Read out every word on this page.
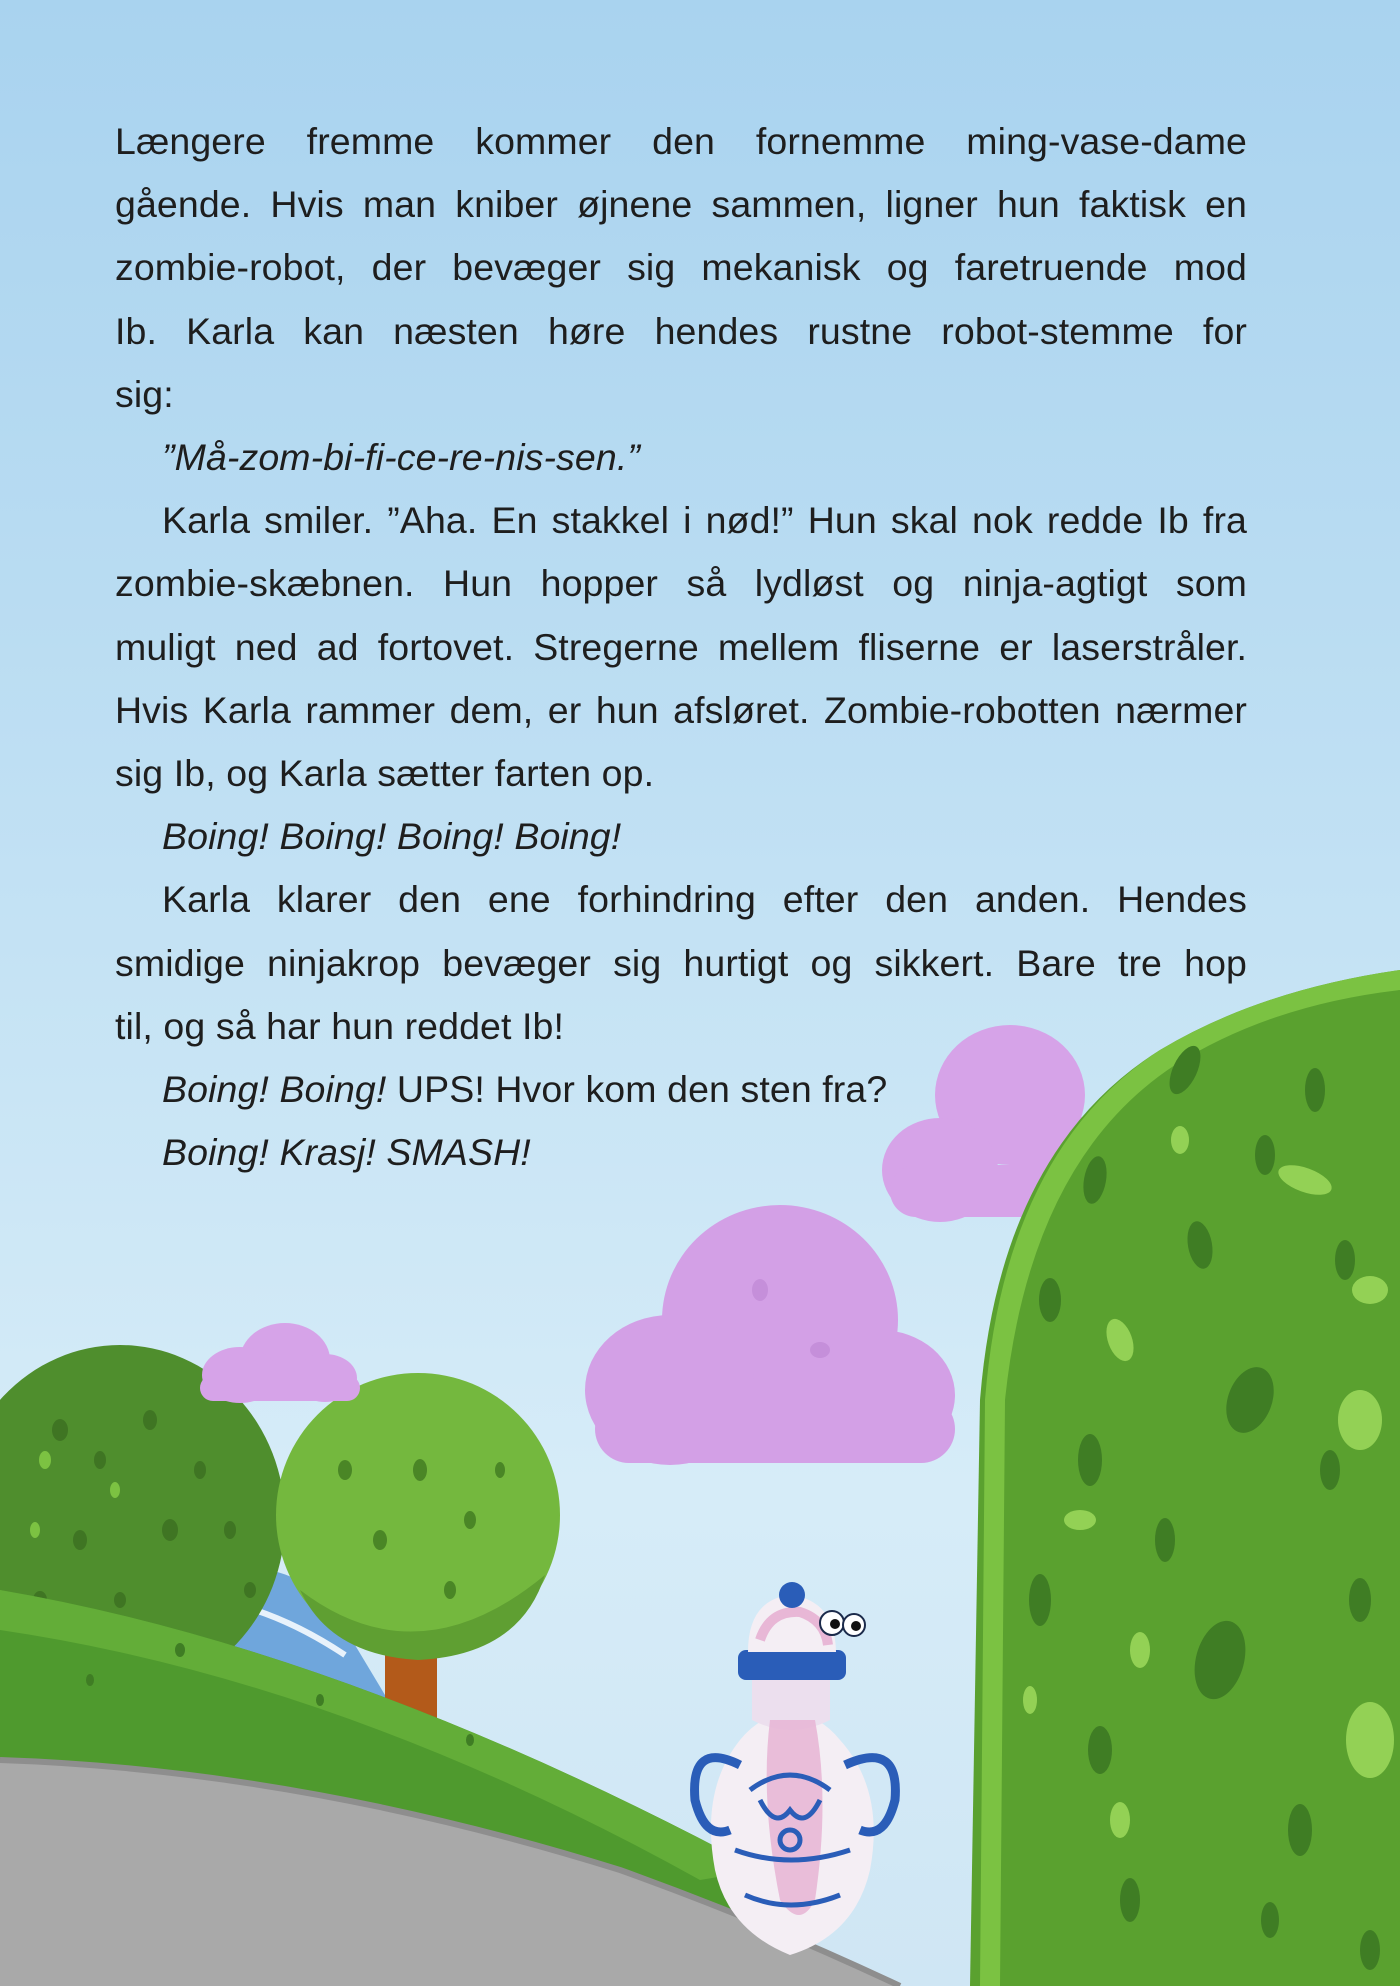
Længere fremme kommer den fornemme ming-vase-dame
gående. Hvis man kniber øjnene sammen, ligner hun faktisk en
zombie-robot, der bevæger sig mekanisk og faretruende mod
Ib. Karla kan næsten høre hendes rustne robot-stemme for
sig:

”Må-zom-bi-fi-ce-re-nis-sen.”

Karla smiler. ”Aha. En stakkel i nød!” Hun skal nok redde Ib fra
zombie-skæbnen. Hun hopper så lydløst og ninja-agtigt som
muligt ned ad fortovet. Stregerne mellem fliserne er laserstråler.
Hvis Karla rammer dem, er hun afsløret. Zombie-robotten nærmer
sig Ib, og Karla sætter farten op.

Boing! Boing! Boing! Boing!

Karla klarer den ene forhindring efter den anden. Hendes
smidige ninjakrop bevæger sig hurtigt og sikkert. Bare tre hop
til, og så har hun reddet Ib!

Boing! Boing! UPS! Hvor kom den sten fra?

Boing! Krasj! SMASH!
